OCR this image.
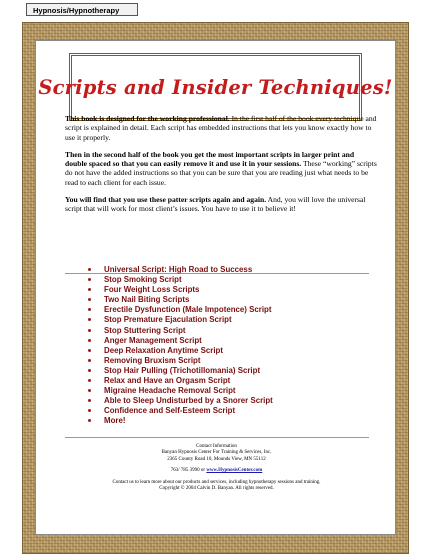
Hypnosis/Hypnotherapy
Scripts and Insider Techniques!

This book is designed for the working professional. In the first half of the book every technique and script is explained in detail. Each script has embedded instructions that lets you know exactly how to use it properly.

Then in the second half of the book you get the most important scripts in larger print and double spaced so that you can easily remove it and use it in your sessions. These “working” scripts do not have the added instructions so that you can be sure that you are reading just what needs to be read to each client for each issue.

You will find that you use these patter scripts again and again. And, you will love the universal script that will work for most client’s issues. You have to use it to believe it!

Universal Script: High Road to Success
Stop Smoking Script
Four Weight Loss Scripts
Two Nail Biting Scripts
Erectile Dysfunction (Male Impotence) Script
Stop Premature Ejaculation Script
Stop Stuttering Script
Anger Management Script
Deep Relaxation Anytime Script
Removing Bruxism Script
Stop Hair Pulling (Trichotillomania) Script
Relax and Have an Orgasm Script
Migraine Headache Removal Script
Able to Sleep Undisturbed by a Snorer Script
Confidence and Self-Esteem Script
More!
Contact Information
Banyan Hypnosis Center For Training & Services, Inc.
2365 County Road 10, Mounds View, MN 55112
763/ 785 3990 or www.HypnosisCenter.com
Contact us to learn more about our products and services, including hypnotherapy sessions and training.
Copyright © 2004 Calvin D. Banyan. All rights reserved.
